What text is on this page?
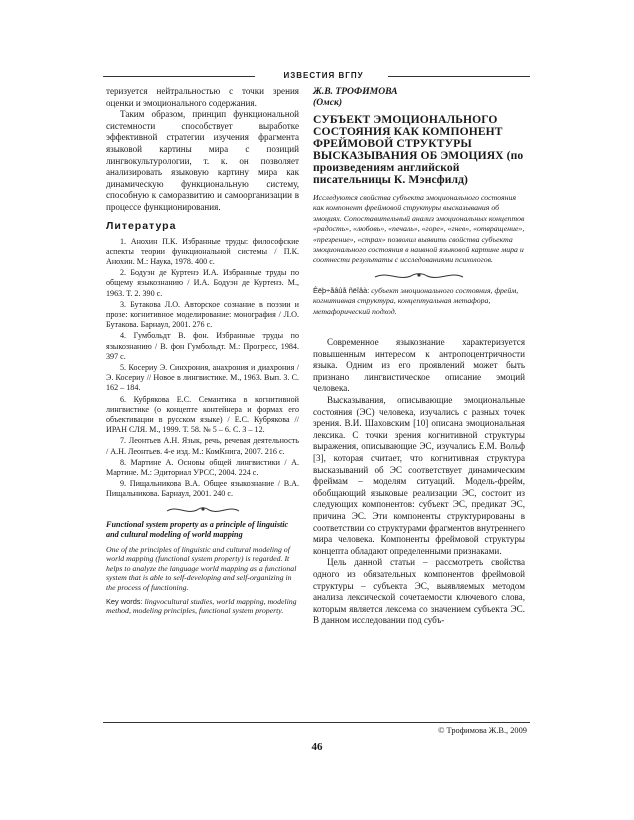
ИЗВЕСТИЯ ВГПУ

теризуется нейтральностью с точки зрения оценки и эмоционального содержания.

Таким образом, принцип функциональной системности способствует выработке эффективной стратегии изучения фрагмента языковой картины мира с позиций лингвокультурологии, т. к. он позволяет анализировать языковую картину мира как динамическую функциональную систему, способную к саморазвитию и самоорганизации в процессе функционирования.

Литература

1. Анохин П.К. Избранные труды: философские аспекты теории функциональной системы / П.К. Анохин. М.: Наука, 1978. 400 с.

2. Бодуэн де Куртенэ И.А. Избранные труды по общему языкознанию / И.А. Бодуэн де Куртенэ. М., 1963. Т. 2. 390 с.

3. Бутакова Л.О. Авторское сознание в поэзии и прозе: когнитивное моделирование: монография / Л.О. Бутакова. Барнаул, 2001. 276 с.

4. Гумбольдт В. фон. Избранные труды по языкознанию / В. фон Гумбольдт. М.: Прогресс, 1984. 397 с.

5. Косериу Э. Синхрония, анахрония и диахрония / Э. Косериу // Новое в лингвистике. М., 1963. Вып. 3. С. 162 – 184.

6. Кубрякова Е.С. Семантика в когнитивной лингвистике (о концепте контейнера и формах его объективации в русском языке) / Е.С. Кубрякова // ИРАН СЛЯ. М., 1999. Т. 58. № 5 – 6. С. 3 – 12.

7. Леонтьев А.Н. Язык, речь, речевая деятельность / А.Н. Леонтьев. 4-е изд. М.: КомКнига, 2007. 216 с.

8. Мартине А. Основы общей лингвистики / А. Мартине. М.: Эдиториал УРСС, 2004. 224 с.

9. Пищальникова В.А. Общее языкознание / В.А. Пищальникова. Барнаул, 2001. 240 с.

Functional system property as a principle of linguistic and cultural modeling of world mapping

One of the principles of linguistic and cultural modeling of world mapping (functional system property) is regarded. It helps to analyze the language world mapping as a functional system that is able to self-developing and self-organizing in the process of functioning.

Key words: lingvocultural studies, world mapping, modeling method, modeling principles, functional system property.

Ж.В. ТРОФИМОВА

(Омск)

СУБЪЕКТ ЭМОЦИОНАЛЬНОГО СОСТОЯНИЯ КАК КОМПОНЕНТ ФРЕЙМОВОЙ СТРУКТУРЫ ВЫСКАЗЫВАНИЯ ОБ ЭМОЦИЯХ (по произведениям английской писательницы К. Мэнсфилд)

Исследуются свойства субъекта эмоционального состояния как компонент фреймовой структуры высказывания об эмоциях. Сопоставительный анализ эмоциональных концептов «радость», «любовь», «печаль», «горе», «гнев», «отвращение», «презрение», «страх» позволил выявить свойства субъекта эмоционального состояния в наивной языковой картине мира и соотнести результаты с исследованиями психологов.

Êëþ÷åâûå ñëîâà: субъект эмоционального состояния, фрейм, когнитивная структура, концептуальная метафора, метафорический подход.

Современное языкознание характеризуется повышенным интересом к антропоцентричности языка. Одним из его проявлений может быть признано лингвистическое описание эмоций человека.

Высказывания, описывающие эмоциональные состояния (ЭС) человека, изучались с разных точек зрения. В.И. Шаховским [10] описана эмоциональная лексика. С точки зрения когнитивной структуры выражения, описывающие ЭС, изучались Е.М. Вольф [3], которая считает, что когнитивная структура высказываний об ЭС соответствует динамическим фреймам – моделям ситуаций. Модель-фрейм, обобщающий языковые реализации ЭС, состоит из следующих компонентов: субъект ЭС, предикат ЭС, причина ЭС. Эти компоненты структурированы в соответствии со структурами фрагментов внутреннего мира человека. Компоненты фреймовой структуры концепта обладают определенными признаками.

Цель данной статьи – рассмотреть свойства одного из обязательных компонентов фреймовой структуры – субъекта ЭС, выявляемых методом анализа лексической сочетаемости ключевого слова, которым является лексема со значением субъекта ЭС. В данном исследовании под субъ-

© Трофимова Ж.В., 2009
46
